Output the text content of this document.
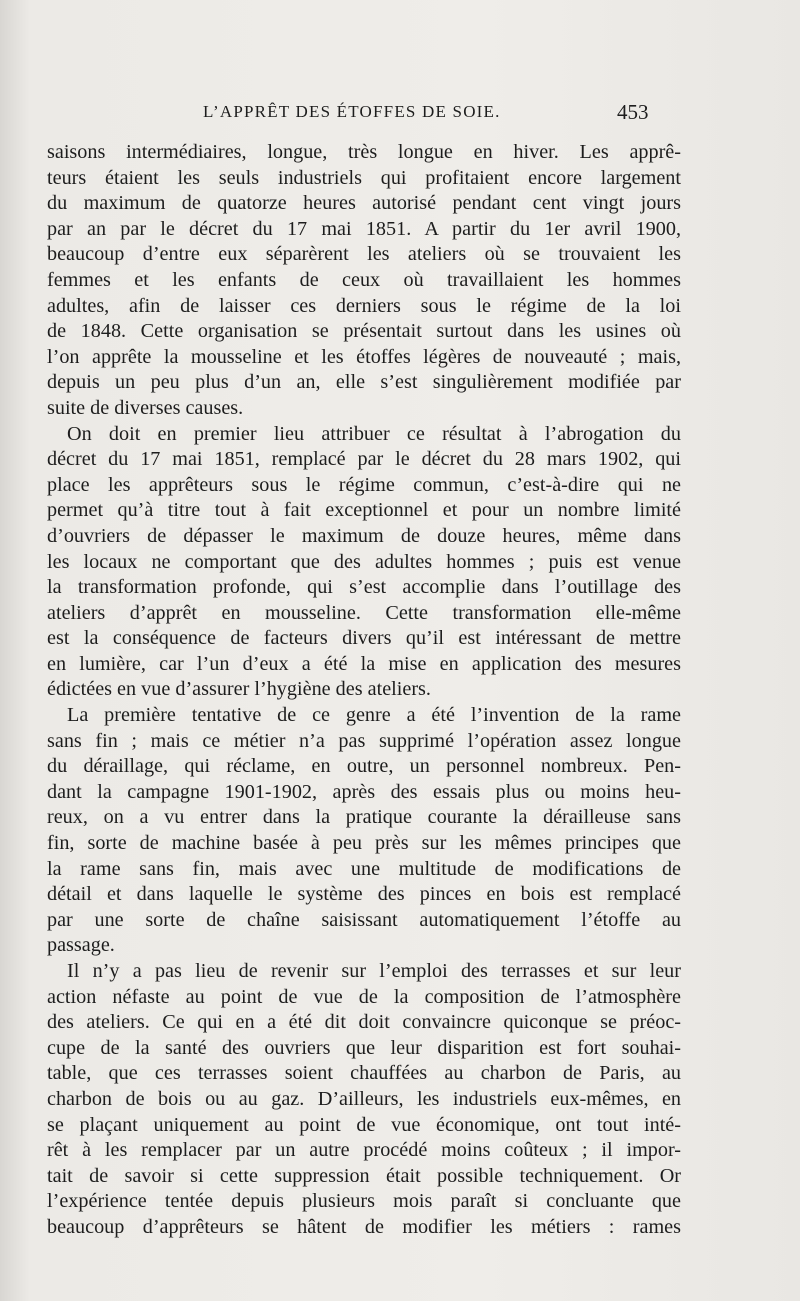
L’APPRÊT DES ÉTOFFES DE SOIE.	453
saisons intermédiaires, longue, très longue en hiver. Les apprê-
teurs étaient les seuls industriels qui profitaient encore largement
du maximum de quatorze heures autorisé pendant cent vingt jours
par an par le décret du 17 mai 1851. A partir du 1er avril 1900,
beaucoup d’entre eux séparèrent les ateliers où se trouvaient les
femmes et les enfants de ceux où travaillaient les hommes
adultes, afin de laisser ces derniers sous le régime de la loi
de 1848. Cette organisation se présentait surtout dans les usines où
l’on apprête la mousseline et les étoffes légères de nouveauté ; mais,
depuis un peu plus d’un an, elle s’est singulièrement modifiée par
suite de diverses causes.
On doit en premier lieu attribuer ce résultat à l’abrogation du
décret du 17 mai 1851, remplacé par le décret du 28 mars 1902, qui
place les apprêteurs sous le régime commun, c’est-à-dire qui ne
permet qu’à titre tout à fait exceptionnel et pour un nombre limité
d’ouvriers de dépasser le maximum de douze heures, même dans
les locaux ne comportant que des adultes hommes ; puis est venue
la transformation profonde, qui s’est accomplie dans l’outillage des
ateliers d’apprêt en mousseline. Cette transformation elle-même
est la conséquence de facteurs divers qu’il est intéressant de mettre
en lumière, car l’un d’eux a été la mise en application des mesures
édictées en vue d’assurer l’hygiène des ateliers.
La première tentative de ce genre a été l’invention de la rame
sans fin ; mais ce métier n’a pas supprimé l’opération assez longue
du déraillage, qui réclame, en outre, un personnel nombreux. Pen-
dant la campagne 1901-1902, après des essais plus ou moins heu-
reux, on a vu entrer dans la pratique courante la dérailleuse sans
fin, sorte de machine basée à peu près sur les mêmes principes que
la rame sans fin, mais avec une multitude de modifications de
détail et dans laquelle le système des pinces en bois est remplacé
par une sorte de chaîne saisissant automatiquement l’étoffe au
passage.
Il n’y a pas lieu de revenir sur l’emploi des terrasses et sur leur
action néfaste au point de vue de la composition de l’atmosphère
des ateliers. Ce qui en a été dit doit convaincre quiconque se préoc-
cupe de la santé des ouvriers que leur disparition est fort souhai-
table, que ces terrasses soient chauffées au charbon de Paris, au
charbon de bois ou au gaz. D’ailleurs, les industriels eux-mêmes, en
se plaçant uniquement au point de vue économique, ont tout inté-
rêt à les remplacer par un autre procédé moins coûteux ; il impor-
tait de savoir si cette suppression était possible techniquement. Or
l’expérience tentée depuis plusieurs mois paraît si concluante que
beaucoup d’apprêteurs se hâtent de modifier les métiers : rames
